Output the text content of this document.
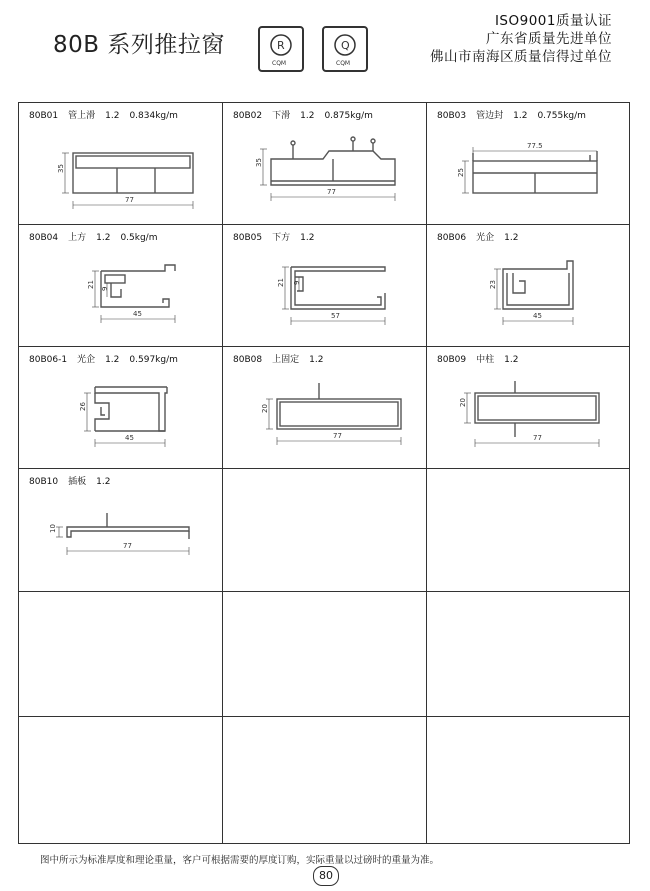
80B 系列推拉窗	R
CQM
Q
CQM
ISO9001质量认证
广东省质量先进单位
佛山市南海区质量信得过单位
80B01 管上滑 1.2 0.834kg/m
35
77
80B02 下滑 1.2 0.875kg/m
35
77
80B03 管边封 1.2 0.755kg/m
77.5
25
80B04 上方 1.2 0.5kg/m
21 9
45
80B05 下方 1.2
21 9
57
80B06 光企 1.2
23
45
80B06-1 光企 1.2 0.597kg/m
26
45
80B08 上固定 1.2
20
77
80B09 中柱 1.2
20
77
80B10 插板 1.2
10
77
图中所示为标准厚度和理论重量，客户可根据需要的厚度订购，实际重量以过磅时的重量为准。
80
